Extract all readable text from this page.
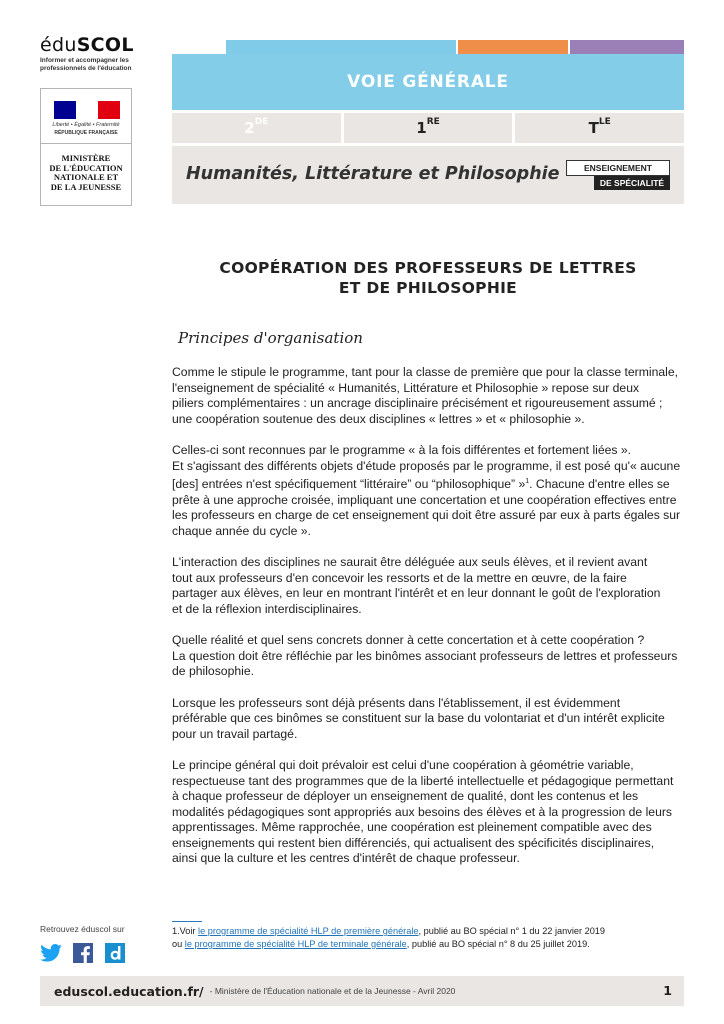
éduSCOL
Informer et accompagner les professionnels de l'éducation
Liberté • Égalité • Fraternité
RÉPUBLIQUE FRANÇAISE
MINISTÈRE
DE L'ÉDUCATION
NATIONALE ET
DE LA JEUNESSE
VOIE GÉNÉRALE
2DE	1RE	$T^{LE}$
Humanités, Littérature et Philosophie	ENSEIGNEMENT
DE SPÉCIALITÉ
COOPÉRATION DES PROFESSEURS DE LETTRES
ET DE PHILOSOPHIE
Principes d'organisation

Comme le stipule le programme, tant pour la classe de première que pour la classe terminale,
l'enseignement de spécialité « Humanités, Littérature et Philosophie » repose sur deux
piliers complémentaires : un ancrage disciplinaire précisément et rigoureusement assumé ;
une coopération soutenue des deux disciplines « lettres » et « philosophie ».

Celles-ci sont reconnues par le programme « à la fois différentes et fortement liées ».
Et s'agissant des différents objets d'étude proposés par le programme, il est posé qu'« aucune
[des] entrées n'est spécifiquement “littéraire” ou “philosophique” »$^1$. Chacune d'entre elles se
prête à une approche croisée, impliquant une concertation et une coopération effectives entre
les professeurs en charge de cet enseignement qui doit être assuré par eux à parts égales sur
chaque année du cycle ».

L'interaction des disciplines ne saurait être déléguée aux seuls élèves, et il revient avant
tout aux professeurs d'en concevoir les ressorts et de la mettre en œuvre, de la faire
partager aux élèves, en leur en montrant l'intérêt et en leur donnant le goût de l'exploration
et de la réflexion interdisciplinaires.

Quelle réalité et quel sens concrets donner à cette concertation et à cette coopération ?
La question doit être réfléchie par les binômes associant professeurs de lettres et professeurs
de philosophie.

Lorsque les professeurs sont déjà présents dans l'établissement, il est évidemment
préférable que ces binômes se constituent sur la base du volontariat et d'un intérêt explicite
pour un travail partagé.

Le principe général qui doit prévaloir est celui d'une coopération à géométrie variable,
respectueuse tant des programmes que de la liberté intellectuelle et pédagogique permettant
à chaque professeur de déployer un enseignement de qualité, dont les contenus et les
modalités pédagogiques sont appropriés aux besoins des élèves et à la progression de leurs
apprentissages. Même rapprochée, une coopération est pleinement compatible avec des
enseignements qui restent bien différenciés, qui actualisent des spécificités disciplinaires,
ainsi que la culture et les centres d'intérêt de chaque professeur.

1.Voir le programme de spécialité HLP de première générale, publié au BO spécial n° 1 du 22 janvier 2019
ou le programme de spécialité HLP de terminale générale, publié au BO spécial n° 8 du 25 juillet 2019.
Retrouvez éduscol sur
eduscol.education.fr/ - Ministère de l'Éducation nationale et de la Jeunesse - Avril 2020	1
